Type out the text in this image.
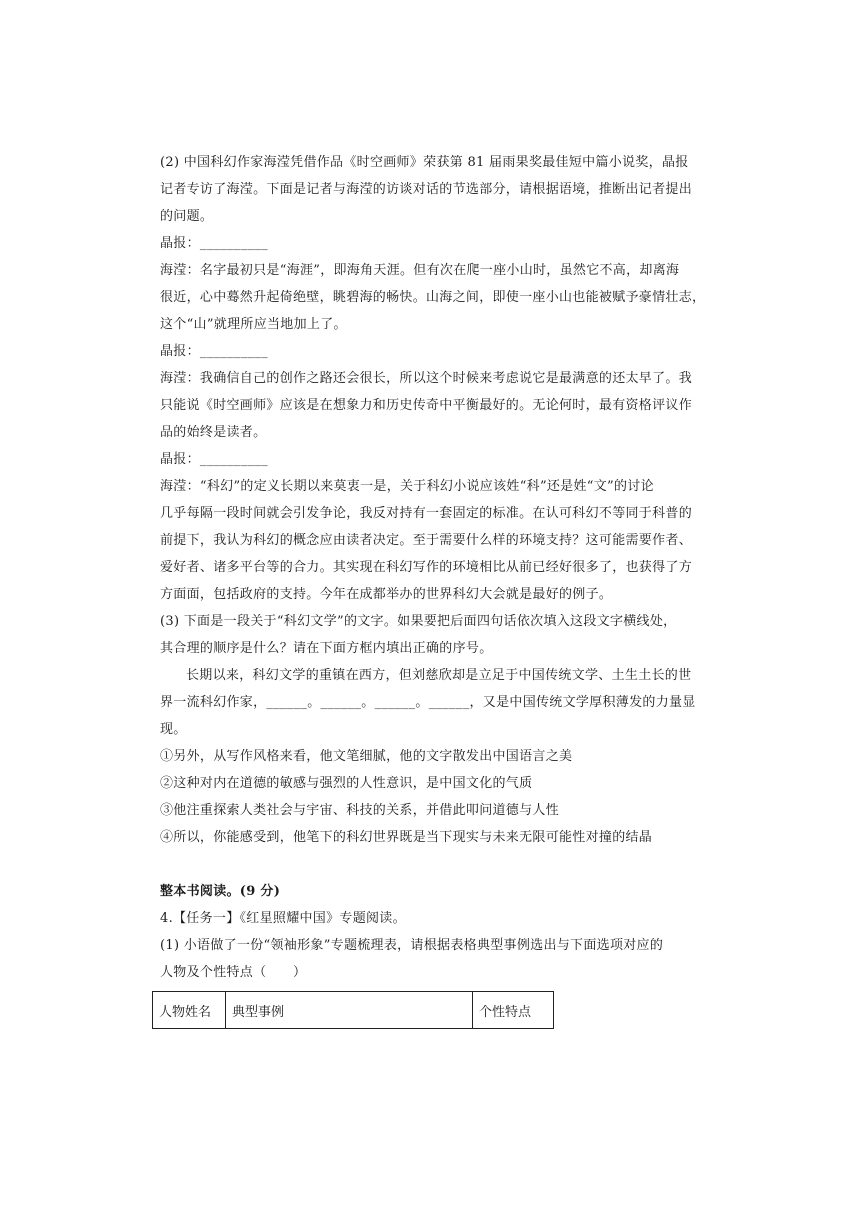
(2) 中国科幻作家海滢凭借作品《时空画师》荣获第 81 届雨果奖最佳短中篇小说奖，晶报
记者专访了海滢。下面是记者与海滢的访谈对话的节选部分，请根据语境，推断出记者提出
的问题。
晶报：__________
海滢：名字最初只是“海涯”，即海角天涯。但有次在爬一座小山时，虽然它不高，却离海
很近，心中蓦然升起倚绝壁，眺碧海的畅快。山海之间，即使一座小山也能被赋予豪情壮志，
这个“山”就理所应当地加上了。
晶报：__________
海滢：我确信自己的创作之路还会很长，所以这个时候来考虑说它是最满意的还太早了。我
只能说《时空画师》应该是在想象力和历史传奇中平衡最好的。无论何时，最有资格评议作
品的始终是读者。
晶报：__________
海滢：“科幻”的定义长期以来莫衷一是，关于科幻小说应该姓“科”还是姓“文”的讨论
几乎每隔一段时间就会引发争论，我反对持有一套固定的标准。在认可科幻不等同于科普的
前提下，我认为科幻的概念应由读者决定。至于需要什么样的环境支持？这可能需要作者、
爱好者、诸多平台等的合力。其实现在科幻写作的环境相比从前已经好很多了，也获得了方
方面面，包括政府的支持。今年在成都举办的世界科幻大会就是最好的例子。
(3) 下面是一段关于“科幻文学”的文字。如果要把后面四句话依次填入这段文字横线处，
其合理的顺序是什么？请在下面方框内填出正确的序号。
长期以来，科幻文学的重镇在西方，但刘慈欣却是立足于中国传统文学、土生土长的世
界一流科幻作家，______。______。______。______，又是中国传统文学厚积薄发的力量显
现。
①另外，从写作风格来看，他文笔细腻，他的文字散发出中国语言之美
②这种对内在道德的敏感与强烈的人性意识，是中国文化的气质
③他注重探索人类社会与宇宙、科技的关系，并借此叩问道德与人性
④所以，你能感受到，他笔下的科幻世界既是当下现实与未来无限可能性对撞的结晶
整本书阅读。(9 分)
4.【任务一】《红星照耀中国》专题阅读。
(1) 小语做了一份“领袖形象”专题梳理表，请根据表格典型事例选出与下面选项对应的
人物及个性特点（　　）
人物姓名	典型事例	个性特点
